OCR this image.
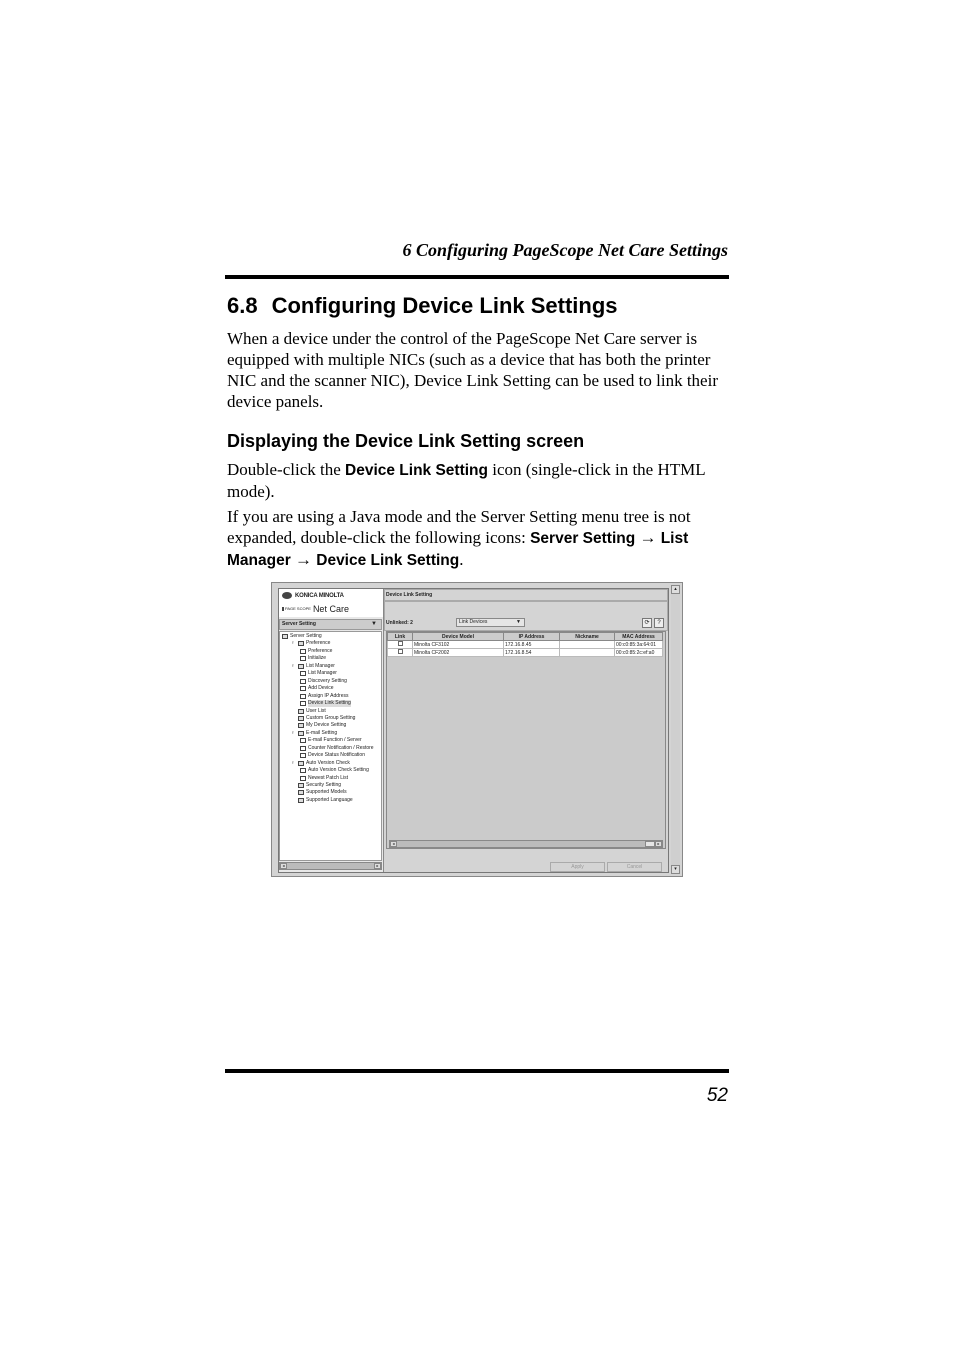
6 Configuring PageScope Net Care Settings
6.8 Configuring Device Link Settings

When a device under the control of the PageScope Net Care server is equipped with multiple NICs (such as a device that has both the printer NIC and the scanner NIC), Device Link Setting can be used to link their device panels.

Displaying the Device Link Setting screen

Double-click the Device Link Setting icon (single-click in the HTML mode).

If you are using a Java mode and the Server Setting menu tree is not expanded, double-click the following icons: Server Setting → List Manager → Device Link Setting.

KONICA MINOLTA
PAGE SCOPE Net Care
Server Setting	▼
Server Setting
♀ Preference
Preference
Initialize
♀ List Manager
List Manager
Discovery Setting
Add Device
Assign IP Address
Device Link Setting
User List
Custom Group Setting
My Device Setting
♀ E-mail Setting
E-mail Function / Server
Counter Notification / Restore
Device Status Notification
♀ Auto Version Check
Auto Version Check Setting
Newest Patch List
Security Setting
Supported Models
Supported Language
◂	▸
Device Link Setting
Unlinked: 2	Link Devices	▼	⟳	?
Link	Device Model	IP Address	Nickname	MAC Address
	Minolta CF3102	172.16.8.45		00:c0:85:3a:64:01
	Minolta CF2002	172.16.8.54		00:c0:85:2c:ef:a0
◂	▸
Apply	Cancel
▴
▾
52
